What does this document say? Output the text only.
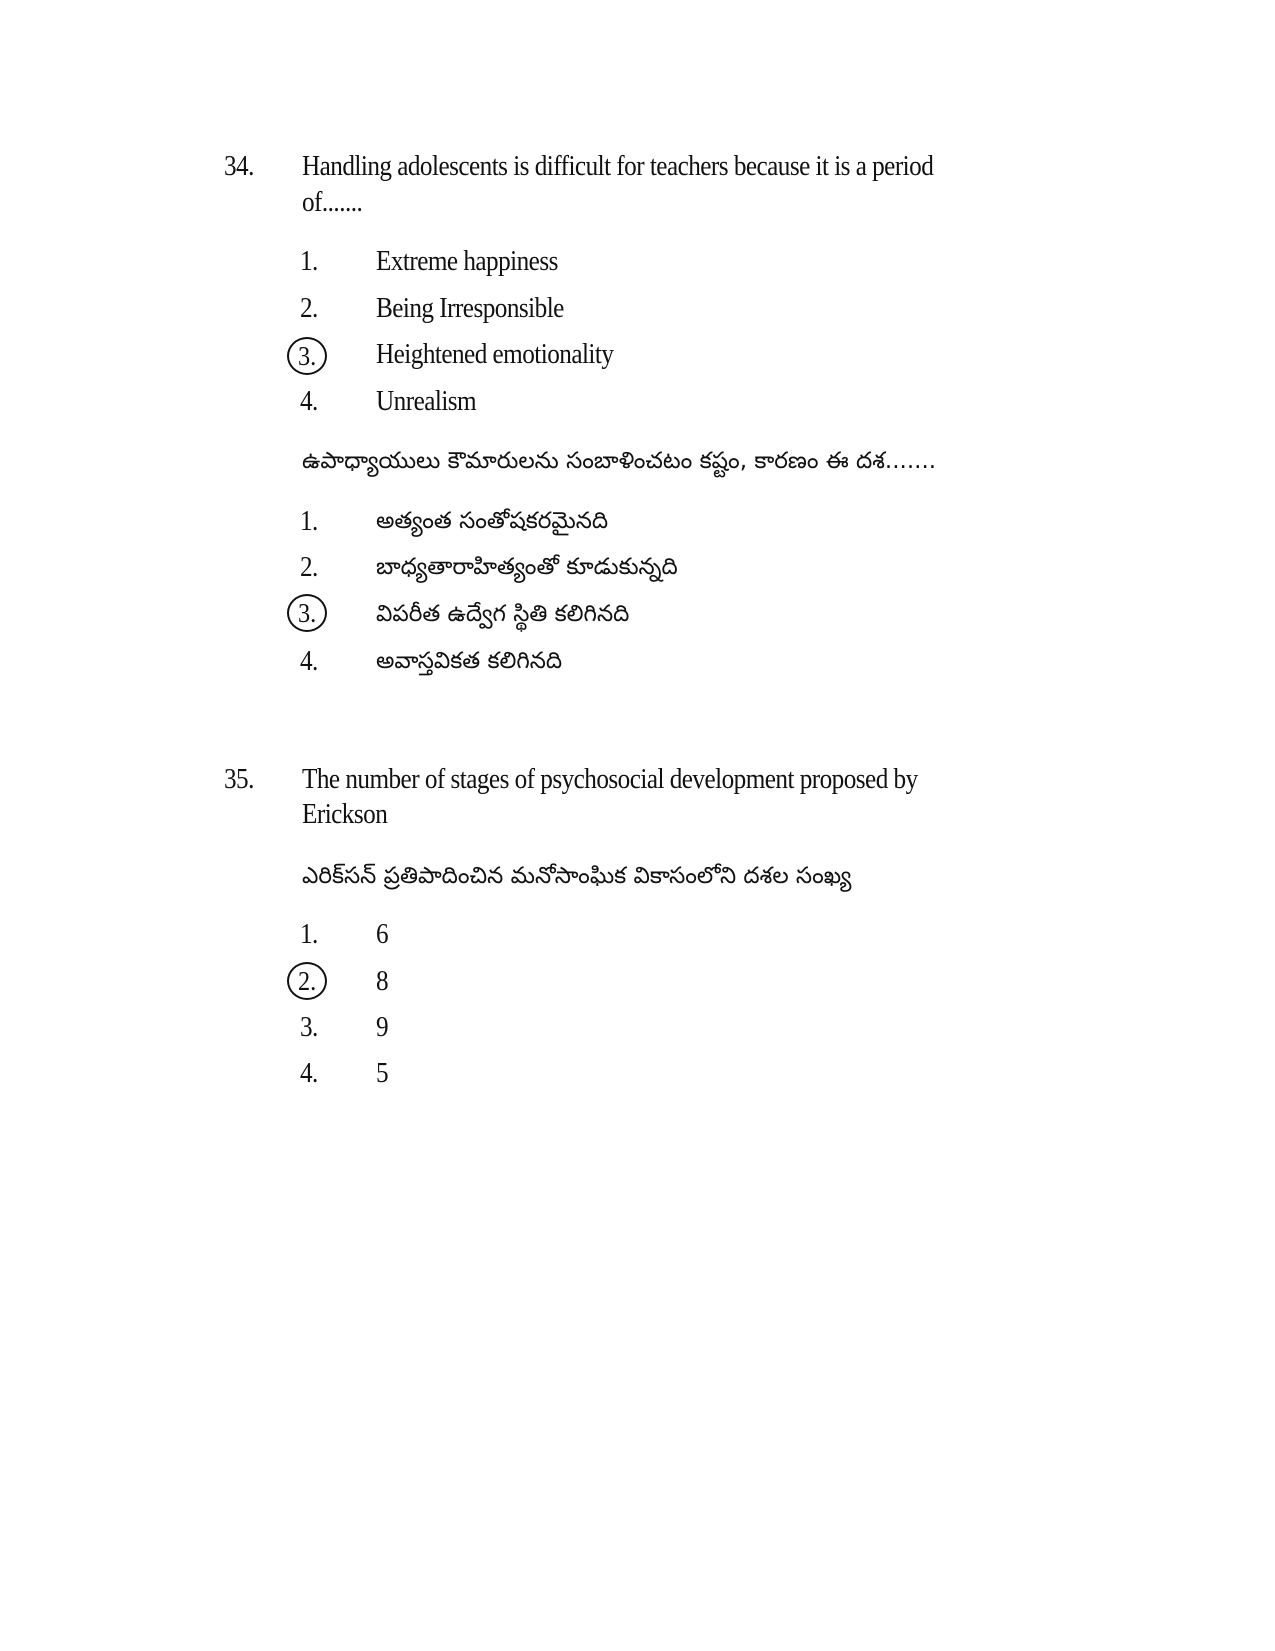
34. Handling adolescents is difficult for teachers because it is a period
of.......
1. Extreme happiness
2. Being Irresponsible
3.	Heightened emotionality
4. Unrealism
ఉపాధ్యాయులు కౌమారులను సంబాళించటం కష్టం, కారణం ఈ దశ.......
1.	అత్యంత సంతోషకరమైనది
2.	బాధ్యతారాహిత్యంతో కూడుకున్నది
3.	విపరీత ఉద్వేగ స్థితి కలిగినది
4.	అవాస్తవికత కలిగినది
35. The number of stages of psychosocial development proposed by
Erickson
ఎరిక్‌సన్ ప్రతిపాదించిన మనోసాంఘిక వికాసంలోని దశల సంఖ్య
1. 6
2.	8
3. 9
4. 5
